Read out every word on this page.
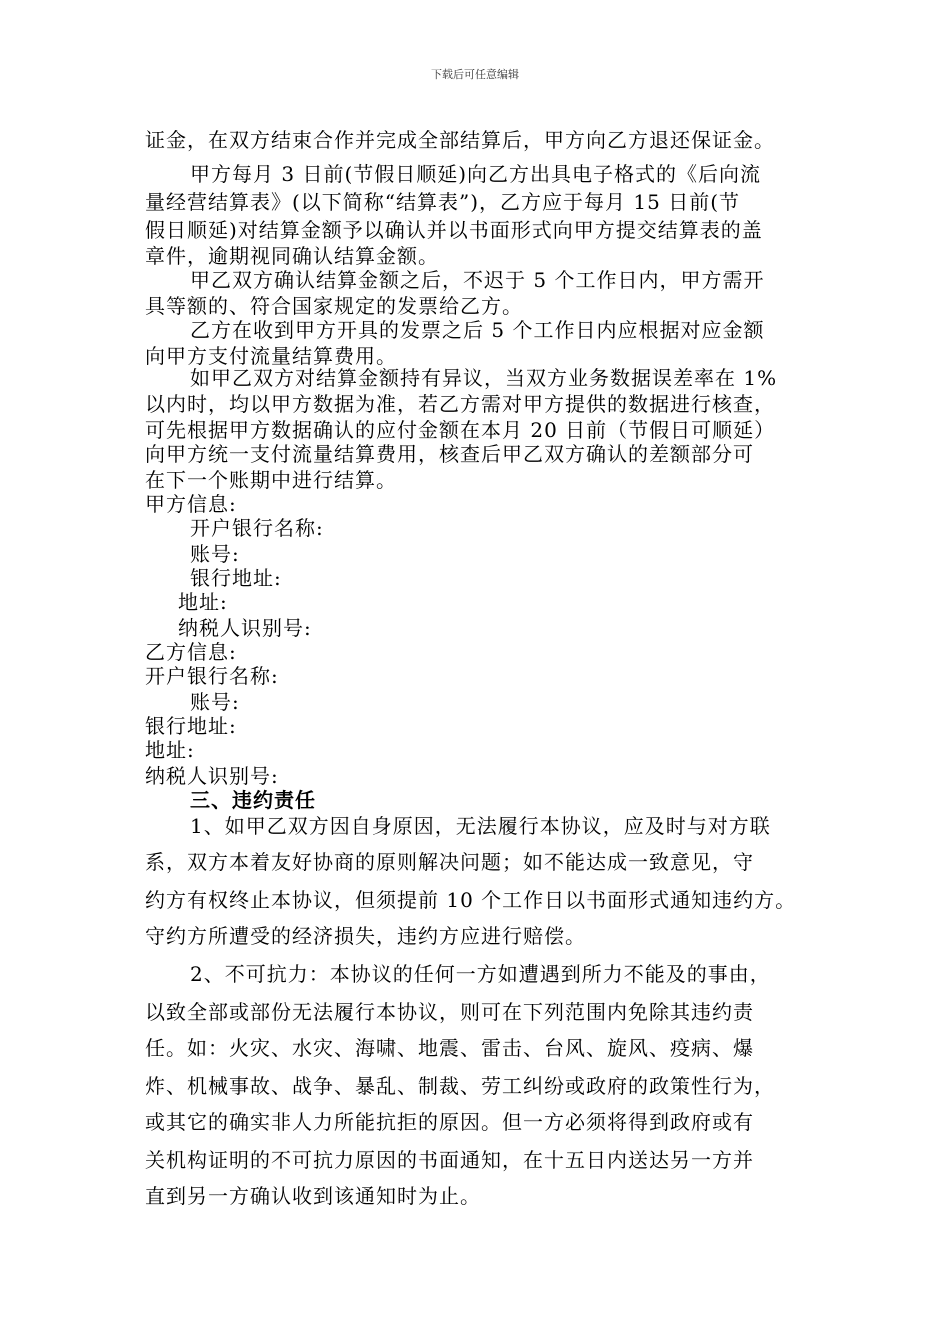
下载后可任意编辑
证金，在双方结束合作并完成全部结算后，甲方向乙方退还保证金。
甲方每月 3 日前(节假日顺延)向乙方出具电子格式的《后向流
量经营结算表》(以下简称“结算表”)，乙方应于每月 15 日前(节
假日顺延)对结算金额予以确认并以书面形式向甲方提交结算表的盖
章件，逾期视同确认结算金额。
甲乙双方确认结算金额之后，不迟于 5 个工作日内，甲方需开
具等额的、符合国家规定的发票给乙方。
乙方在收到甲方开具的发票之后 5 个工作日内应根据对应金额
向甲方支付流量结算费用。
如甲乙双方对结算金额持有异议，当双方业务数据误差率在 1%
以内时，均以甲方数据为准，若乙方需对甲方提供的数据进行核查，
可先根据甲方数据确认的应付金额在本月 20 日前（节假日可顺延）
向甲方统一支付流量结算费用，核查后甲乙双方确认的差额部分可
在下一个账期中进行结算。
甲方信息:
开户银行名称:
账号:
银行地址:
地址:
纳税人识别号:
乙方信息:
开户银行名称:
账号:
银行地址:
地址:
纳税人识别号:
三、违约责任
1、如甲乙双方因自身原因，无法履行本协议，应及时与对方联
系，双方本着友好协商的原则解决问题；如不能达成一致意见，守
约方有权终止本协议，但须提前 10 个工作日以书面形式通知违约方。
守约方所遭受的经济损失，违约方应进行赔偿。
2、不可抗力：本协议的任何一方如遭遇到所力不能及的事由，
以致全部或部份无法履行本协议，则可在下列范围内免除其违约责
任。如：火灾、水灾、海啸、地震、雷击、台风、旋风、疫病、爆
炸、机械事故、战争、暴乱、制裁、劳工纠纷或政府的政策性行为，
或其它的确实非人力所能抗拒的原因。但一方必须将得到政府或有
关机构证明的不可抗力原因的书面通知，在十五日内送达另一方并
直到另一方确认收到该通知时为止。
